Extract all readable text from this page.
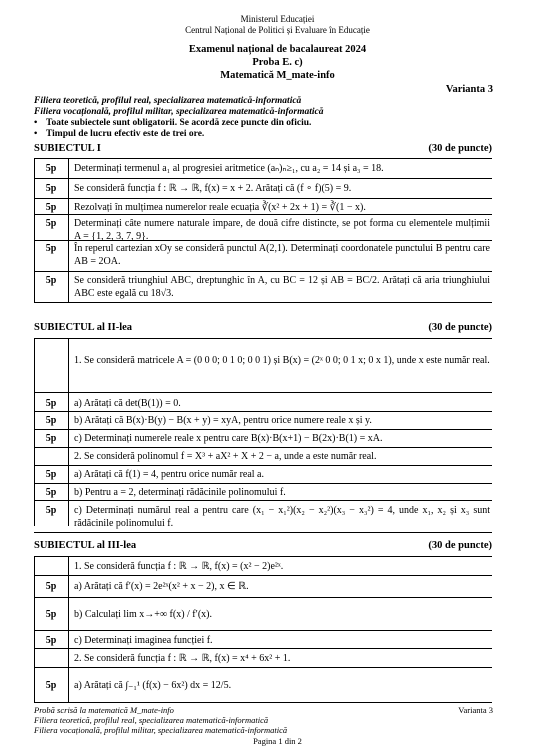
Ministerul Educației
Centrul Național de Politici și Evaluare în Educație
Examenul național de bacalaureat 2024
Proba E. c)
Matematică M_mate-info
Varianta 3
Filiera teoretică, profilul real, specializarea matematică-informatică
Filiera vocațională, profilul militar, specializarea matematică-informatică
• Toate subiectele sunt obligatorii. Se acordă zece puncte din oficiu.
• Timpul de lucru efectiv este de trei ore.
SUBIECTUL I	(30 de puncte)
5p	Determinați termenul a₁ al progresiei aritmetice (aₙ)ₙ≥₁, cu a₂ = 14 și a₃ = 18.
5p	Se consideră funcția f : ℝ → ℝ, f(x) = x + 2. Arătați că (f ∘ f)(5) = 9.
5p	Rezolvați în mulțimea numerelor reale ecuația ∛(x² + 2x + 1) = ∛(1 − x).
5p	Determinați câte numere naturale impare, de două cifre distincte, se pot forma cu elementele mulțimii A = {1, 2, 3, 7, 9}.
5p	În reperul cartezian xOy se consideră punctul A(2,1). Determinați coordonatele punctului B pentru care AB = 2OA.
5p	Se consideră triunghiul ABC, dreptunghic în A, cu BC = 12 și AB = BC/2. Arătați că aria triunghiului ABC este egală cu 18√3.
SUBIECTUL al II-lea	(30 de puncte)
1. Se consideră matricele A = (0 0 0; 0 1 0; 0 0 1) și B(x) = (2ˣ 0 0; 0 1 x; 0 x 1), unde x este număr real.
5p	a) Arătați că det(B(1)) = 0.
5p	b) Arătați că B(x)·B(y) − B(x + y) = xyA, pentru orice numere reale x și y.
5p	c) Determinați numerele reale x pentru care B(x)·B(x+1) − B(2x)·B(1) = xA.
2. Se consideră polinomul f = X³ + aX² + X + 2 − a, unde a este număr real.
5p	a) Arătați că f(1) = 4, pentru orice număr real a.
5p	b) Pentru a = 2, determinați rădăcinile polinomului f.
5p	c) Determinați numărul real a pentru care (x₁ − x₁²)(x₂ − x₂²)(x₃ − x₃²) = 4, unde x₁, x₂ și x₃ sunt rădăcinile polinomului f.
SUBIECTUL al III-lea	(30 de puncte)
1. Se consideră funcția f : ℝ → ℝ, f(x) = (x² − 2)e²ˣ.
5p	a) Arătați că f′(x) = 2e²ˣ(x² + x − 2), x ∈ ℝ.
5p	b) Calculați lim x→+∞ f(x) / f′(x).
5p	c) Determinați imaginea funcției f.
2. Se consideră funcția f : ℝ → ℝ, f(x) = x⁴ + 6x² + 1.
5p	a) Arătați că ∫₋₁¹ (f(x) − 6x²) dx = 12/5.
Probă scrisă la matematică M_mate-info
Filiera teoretică, profilul real, specializarea matematică-informatică
Filiera vocațională, profilul militar, specializarea matematică-informatică
Varianta 3
Pagina 1 din 2
